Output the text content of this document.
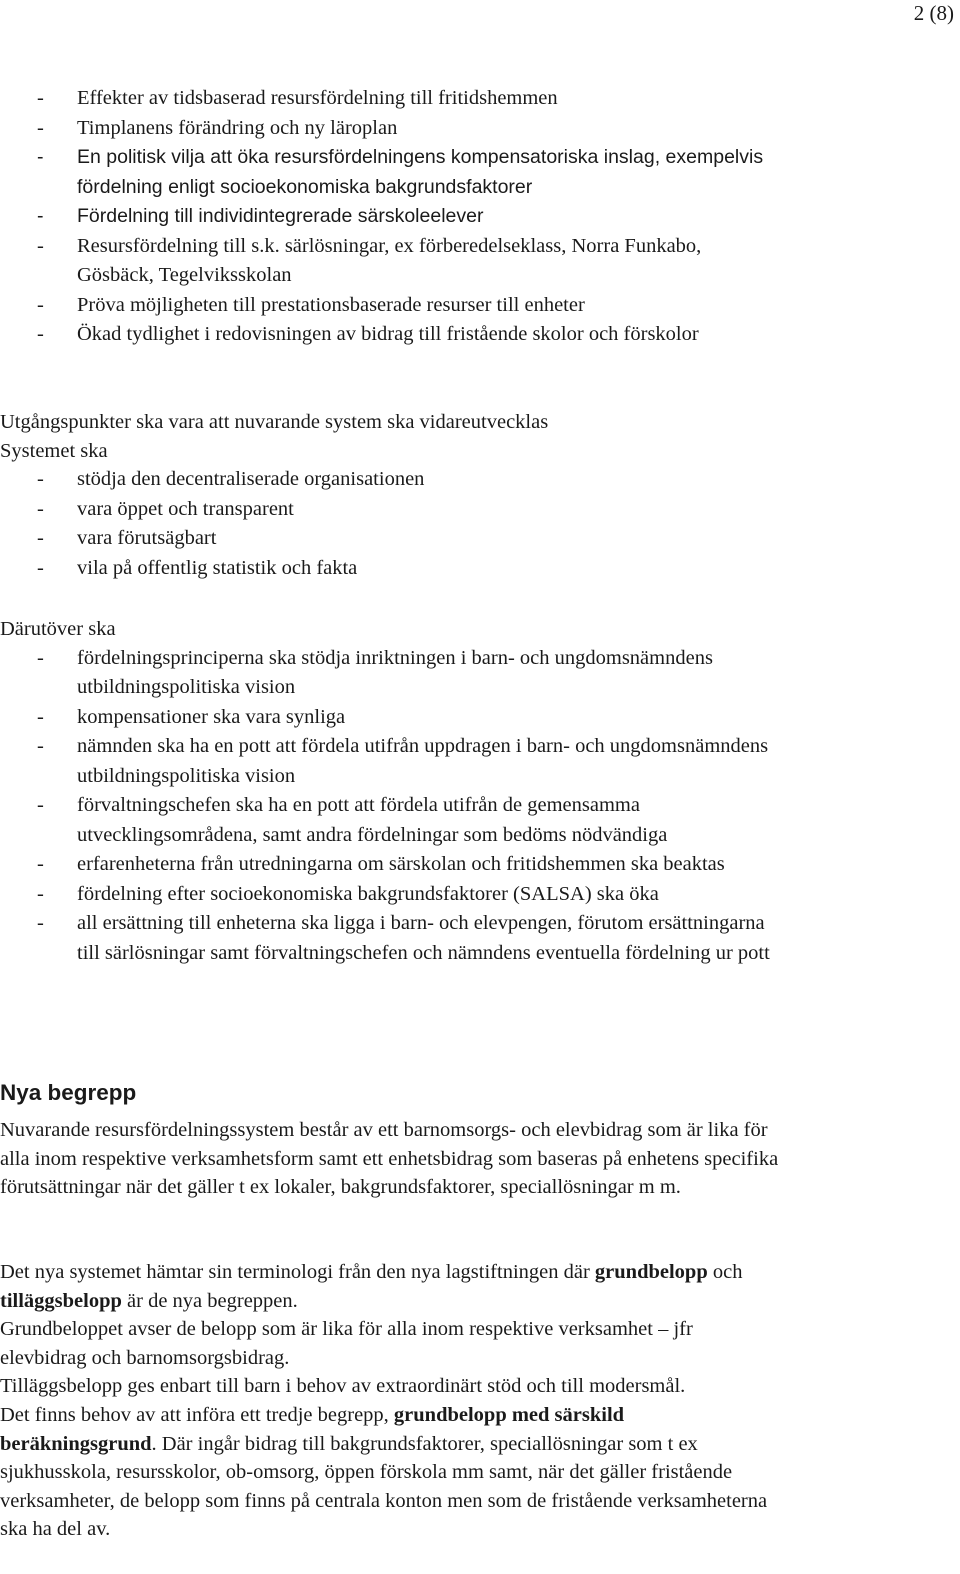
2 (8)
- Effekter av tidsbaserad resursfördelning till fritidshemmen
- Timplanens förändring och ny läroplan
- En politisk vilja att öka resursfördelningens kompensatoriska inslag, exempelvis fördelning enligt socioekonomiska bakgrundsfaktorer
- Fördelning till individintegrerade särskoleelever
- Resursfördelning till s.k. särlösningar, ex förberedelseklass, Norra Funkabo, Gösbäck, Tegelviksskolan
- Pröva möjligheten till prestationsbaserade resurser till enheter
- Ökad tydlighet i redovisningen av bidrag till fristående skolor och förskolor

Utgångspunkter ska vara att nuvarande system ska vidareutvecklas

Systemet ska

- stödja den decentraliserade organisationen
- vara öppet och transparent
- vara förutsägbart
- vila på offentlig statistik och fakta

Därutöver ska

- fördelningsprinciperna ska stödja inriktningen i barn- och ungdomsnämndens utbildningspolitiska vision
- kompensationer ska vara synliga
- nämnden ska ha en pott att fördela utifrån uppdragen i barn- och ungdomsnämndens utbildningspolitiska vision
- förvaltningschefen ska ha en pott att fördela utifrån de gemensamma utvecklingsområdena, samt andra fördelningar som bedöms nödvändiga
- erfarenheterna från utredningarna om särskolan och fritidshemmen ska beaktas
- fördelning efter socioekonomiska bakgrundsfaktorer (SALSA) ska öka
- all ersättning till enheterna ska ligga i barn- och elevpengen, förutom ersättningarna till särlösningar samt förvaltningschefen och nämndens eventuella fördelning ur pott
Nya begrepp

Nuvarande resursfördelningssystem består av ett barnomsorgs- och elevbidrag som är lika för alla inom respektive verksamhetsform samt ett enhetsbidrag som baseras på enhetens specifika förutsättningar när det gäller t ex lokaler, bakgrundsfaktorer, speciallösningar m m.

Det nya systemet hämtar sin terminologi från den nya lagstiftningen där grundbelopp och tilläggsbelopp är de nya begreppen.

Grundbeloppet avser de belopp som är lika för alla inom respektive verksamhet – jfr elevbidrag och barnomsorgsbidrag.

Tilläggsbelopp ges enbart till barn i behov av extraordinärt stöd och till modersmål.

Det finns behov av att införa ett tredje begrepp, grundbelopp med särskild beräkningsgrund. Där ingår bidrag till bakgrundsfaktorer, speciallösningar som t ex sjukhusskola, resursskolor, ob-omsorg, öppen förskola mm samt, när det gäller fristående verksamheter, de belopp som finns på centrala konton men som de fristående verksamheterna ska ha del av.
